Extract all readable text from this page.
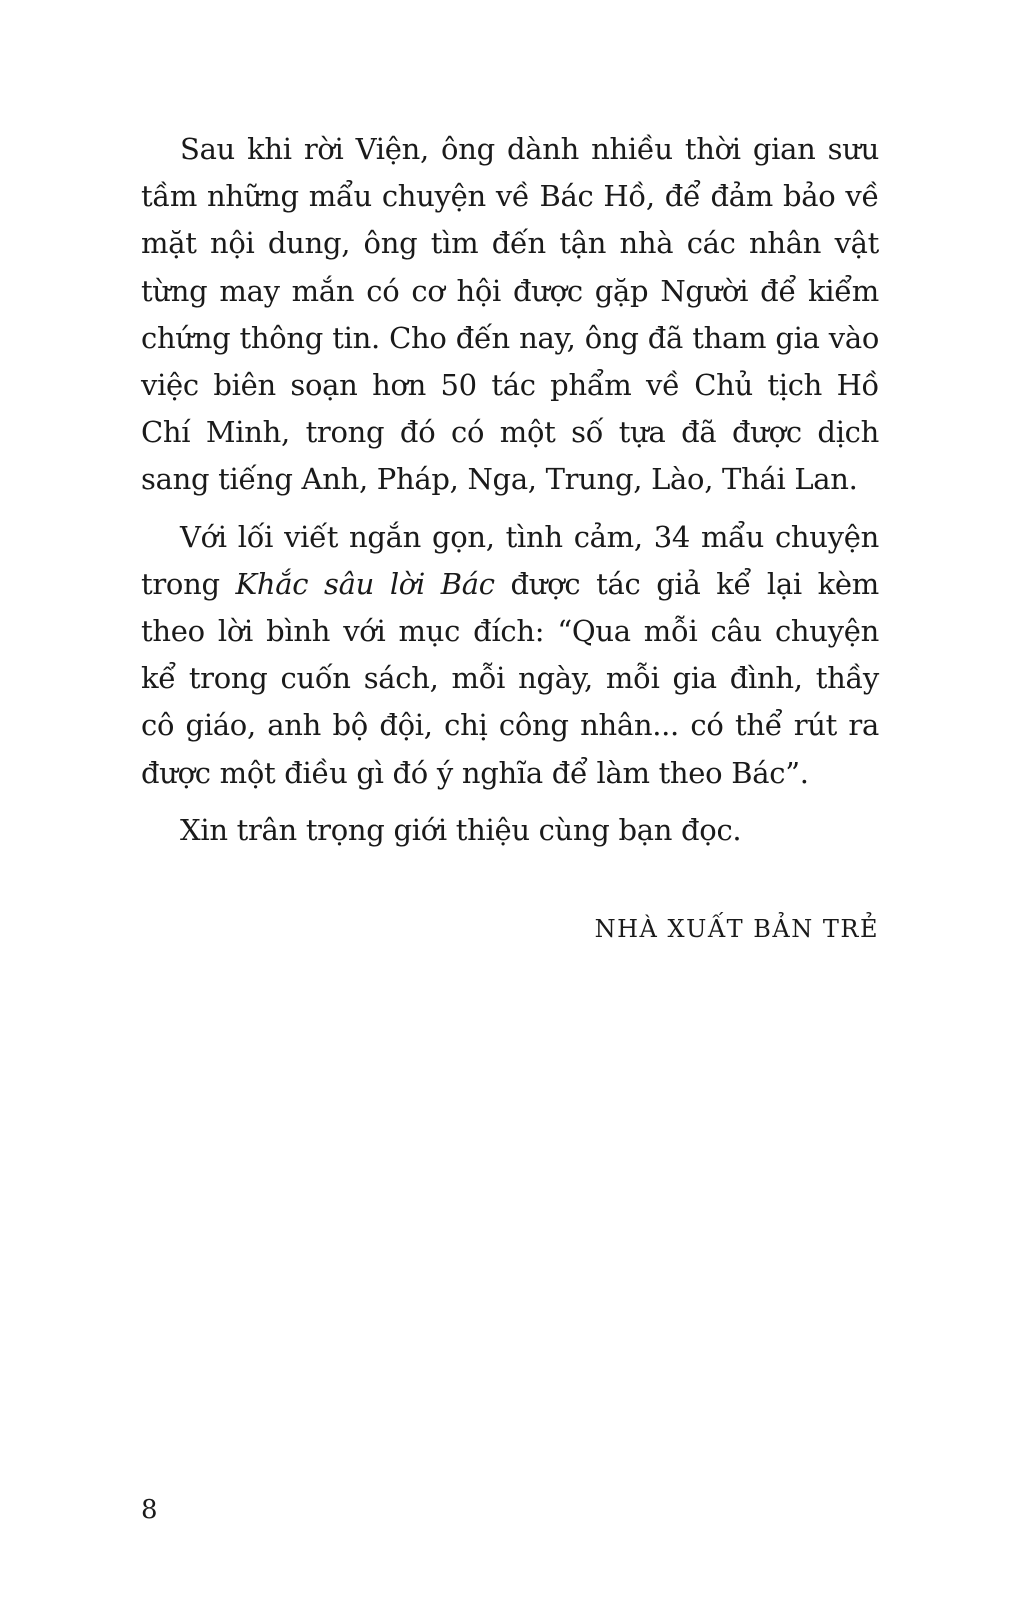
Sau khi rời Viện, ông dành nhiều thời gian sưu tầm những mẩu chuyện về Bác Hồ, để đảm bảo về mặt nội dung, ông tìm đến tận nhà các nhân vật từng may mắn có cơ hội được gặp Người để kiểm chứng thông tin. Cho đến nay, ông đã tham gia vào việc biên soạn hơn 50 tác phẩm về Chủ tịch Hồ Chí Minh, trong đó có một số tựa đã được dịch sang tiếng Anh, Pháp, Nga, Trung, Lào, Thái Lan.

Với lối viết ngắn gọn, tình cảm, 34 mẩu chuyện trong Khắc sâu lời Bác được tác giả kể lại kèm theo lời bình với mục đích: “Qua mỗi câu chuyện kể trong cuốn sách, mỗi ngày, mỗi gia đình, thầy cô giáo, anh bộ đội, chị công nhân... có thể rút ra được một điều gì đó ý nghĩa để làm theo Bác”.

Xin trân trọng giới thiệu cùng bạn đọc.

NHÀ XUẤT BẢN TRẺ
8
